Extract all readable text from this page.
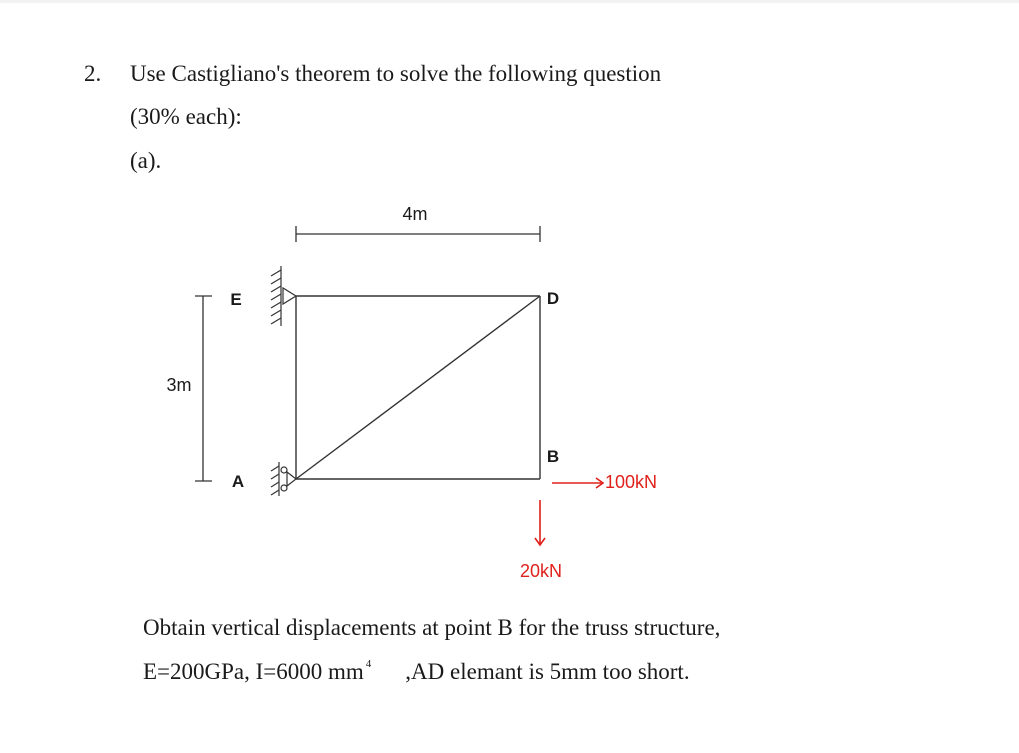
2. Use Castigliano's theorem to solve the following question
(30% each):
(a).
4m
3m
E	D
A
B
100kN
20kN
Obtain vertical displacements at point B for the truss structure,
E=200GPa, I=6000 mm $^4$ ,AD elemant is 5mm too short.
